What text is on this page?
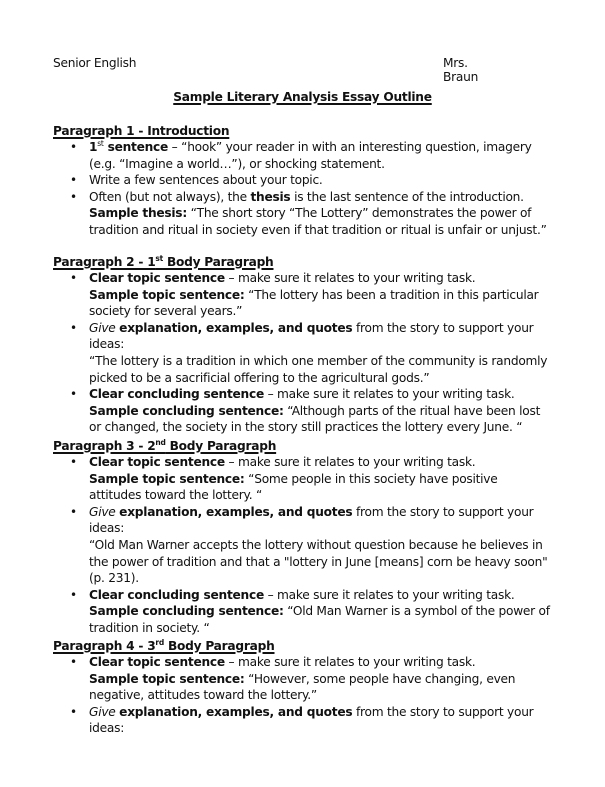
Senior English	Mrs. Braun
Sample Literary Analysis Essay Outline
Paragraph 1 - Introduction
• 1st sentence – “hook” your reader in with an interesting question, imagery (e.g. “Imagine a world…”), or shocking statement.
• Write a few sentences about your topic.
• Often (but not always), the thesis is the last sentence of the introduction.
Sample thesis: “The short story “The Lottery” demonstrates the power of tradition and ritual in society even if that tradition or ritual is unfair or unjust.”
Paragraph 2 - 1st Body Paragraph
• Clear topic sentence – make sure it relates to your writing task.
Sample topic sentence: “The lottery has been a tradition in this particular society for several years.”
• Give explanation, examples, and quotes from the story to support your ideas:
“The lottery is a tradition in which one member of the community is randomly picked to be a sacrificial offering to the agricultural gods.”
• Clear concluding sentence – make sure it relates to your writing task.
Sample concluding sentence: “Although parts of the ritual have been lost or changed, the society in the story still practices the lottery every June. “
Paragraph 3 - 2nd Body Paragraph
• Clear topic sentence – make sure it relates to your writing task.
Sample topic sentence: “Some people in this society have positive attitudes toward the lottery. “
• Give explanation, examples, and quotes from the story to support your ideas:
“Old Man Warner accepts the lottery without question because he believes in the power of tradition and that a "lottery in June [means] corn be heavy soon" (p. 231).
• Clear concluding sentence – make sure it relates to your writing task.
Sample concluding sentence: “Old Man Warner is a symbol of the power of tradition in society. “
Paragraph 4 - 3rd Body Paragraph
• Clear topic sentence – make sure it relates to your writing task.
Sample topic sentence: “However, some people have changing, even negative, attitudes toward the lottery.”
• Give explanation, examples, and quotes from the story to support your ideas:
